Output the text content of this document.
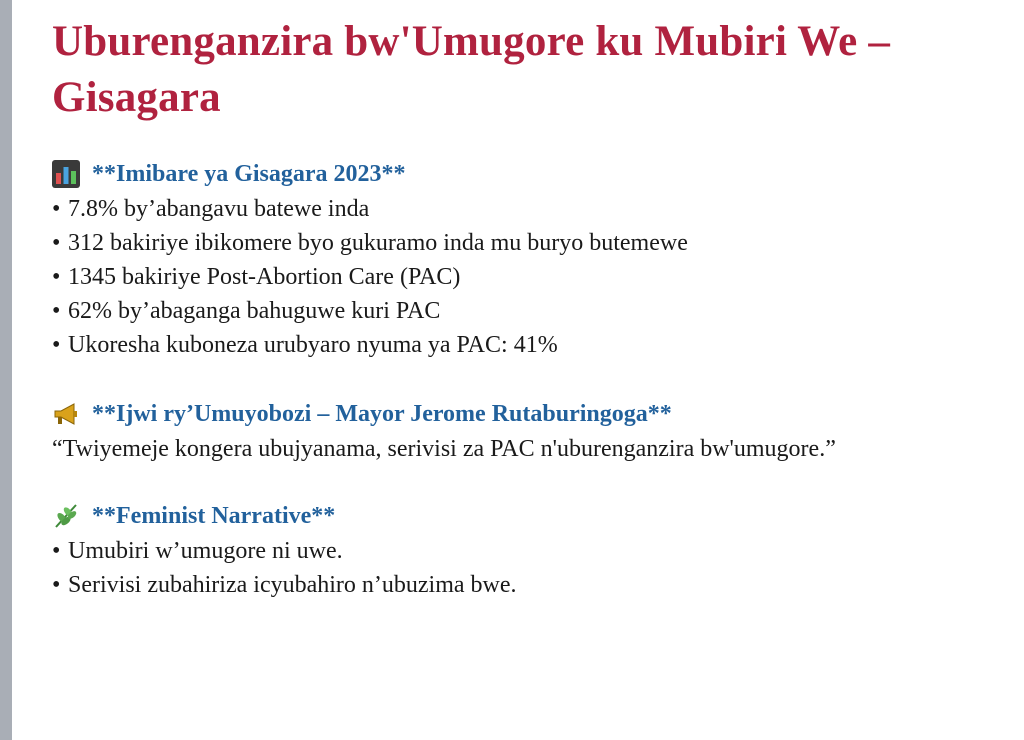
Uburenganzira bw'Umugore ku Mubiri We – Gisagara
**Imibare ya Gisagara 2023**
• 7.8% by’abangavu batewe inda
• 312 bakiriye ibikomere byo gukuramo inda mu buryo butemewe
• 1345 bakiriye Post-Abortion Care (PAC)
• 62% by’abaganga bahuguwe kuri PAC
• Ukoresha kuboneza urubyaro nyuma ya PAC: 41%
**Ijwi ry’Umuyobozi – Mayor Jerome Rutaburingoga**
“Twiyemeje kongera ubujyanama, serivisi za PAC n'uburenganzira bw'umugore.”
**Feminist Narrative**
• Umubiri w’umugore ni uwe.
• Serivisi zubahiriza icyubahiro n’ubuzima bwe.
